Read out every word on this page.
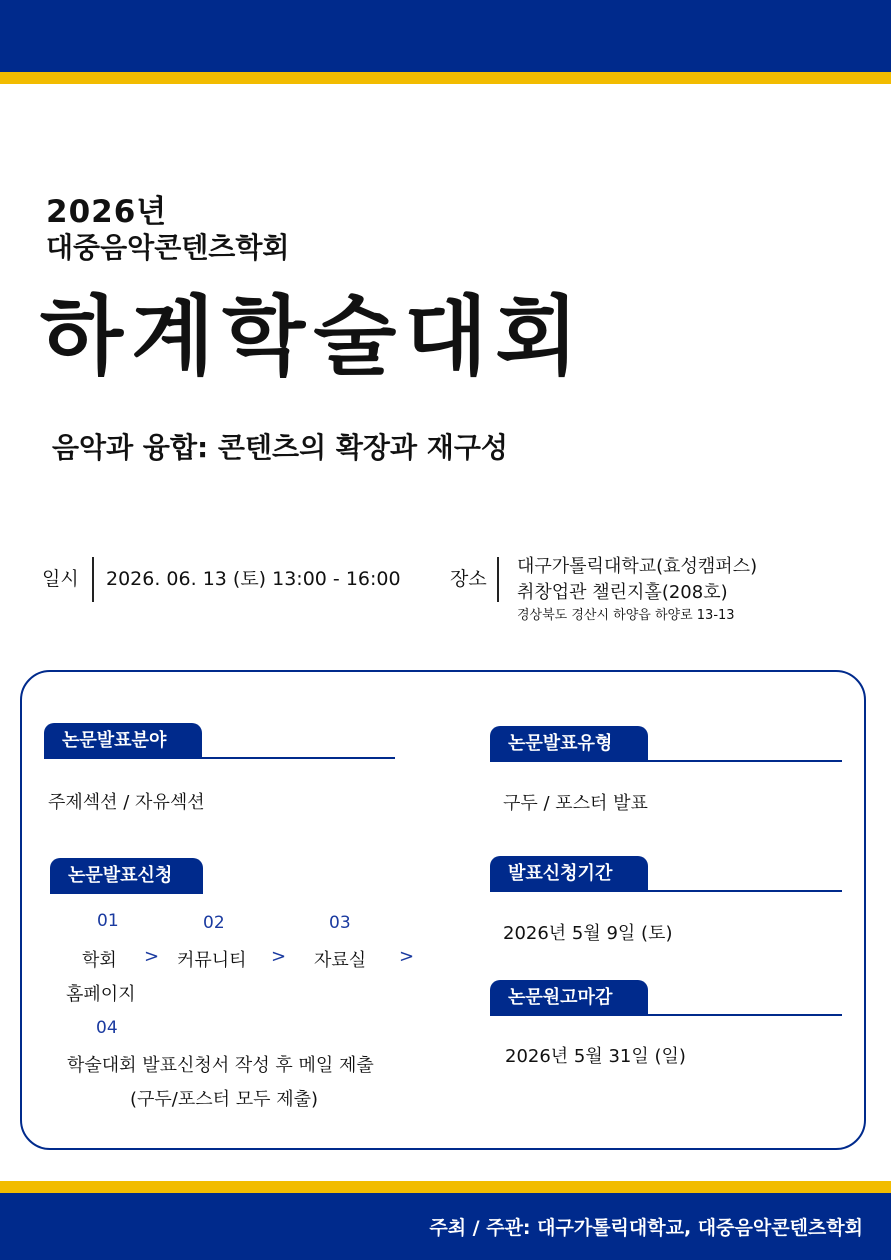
2026년
대중음악콘텐츠학회
하계학술대회
음악과 융합: 콘텐츠의 확장과 재구성
일시 2026. 06. 13 (토) 13:00 - 16:00	장소
대구가톨릭대학교(효성캠퍼스)
취창업관 챌린지홀(208호)
경상북도 경산시 하양읍 하양로 13-13
논문발표분야
주제섹션 / 자유섹션
논문발표유형
구두 / 포스터 발표
논문발표신청
01	02	03
학회 > 커뮤니티 > 자료실 >
홈페이지
04
학술대회 발표신청서 작성 후 메일 제출
(구두/포스터 모두 제출)
발표신청기간
2026년 5월 9일 (토)
논문원고마감
2026년 5월 31일 (일)
주최 / 주관: 대구가톨릭대학교, 대중음악콘텐츠학회
